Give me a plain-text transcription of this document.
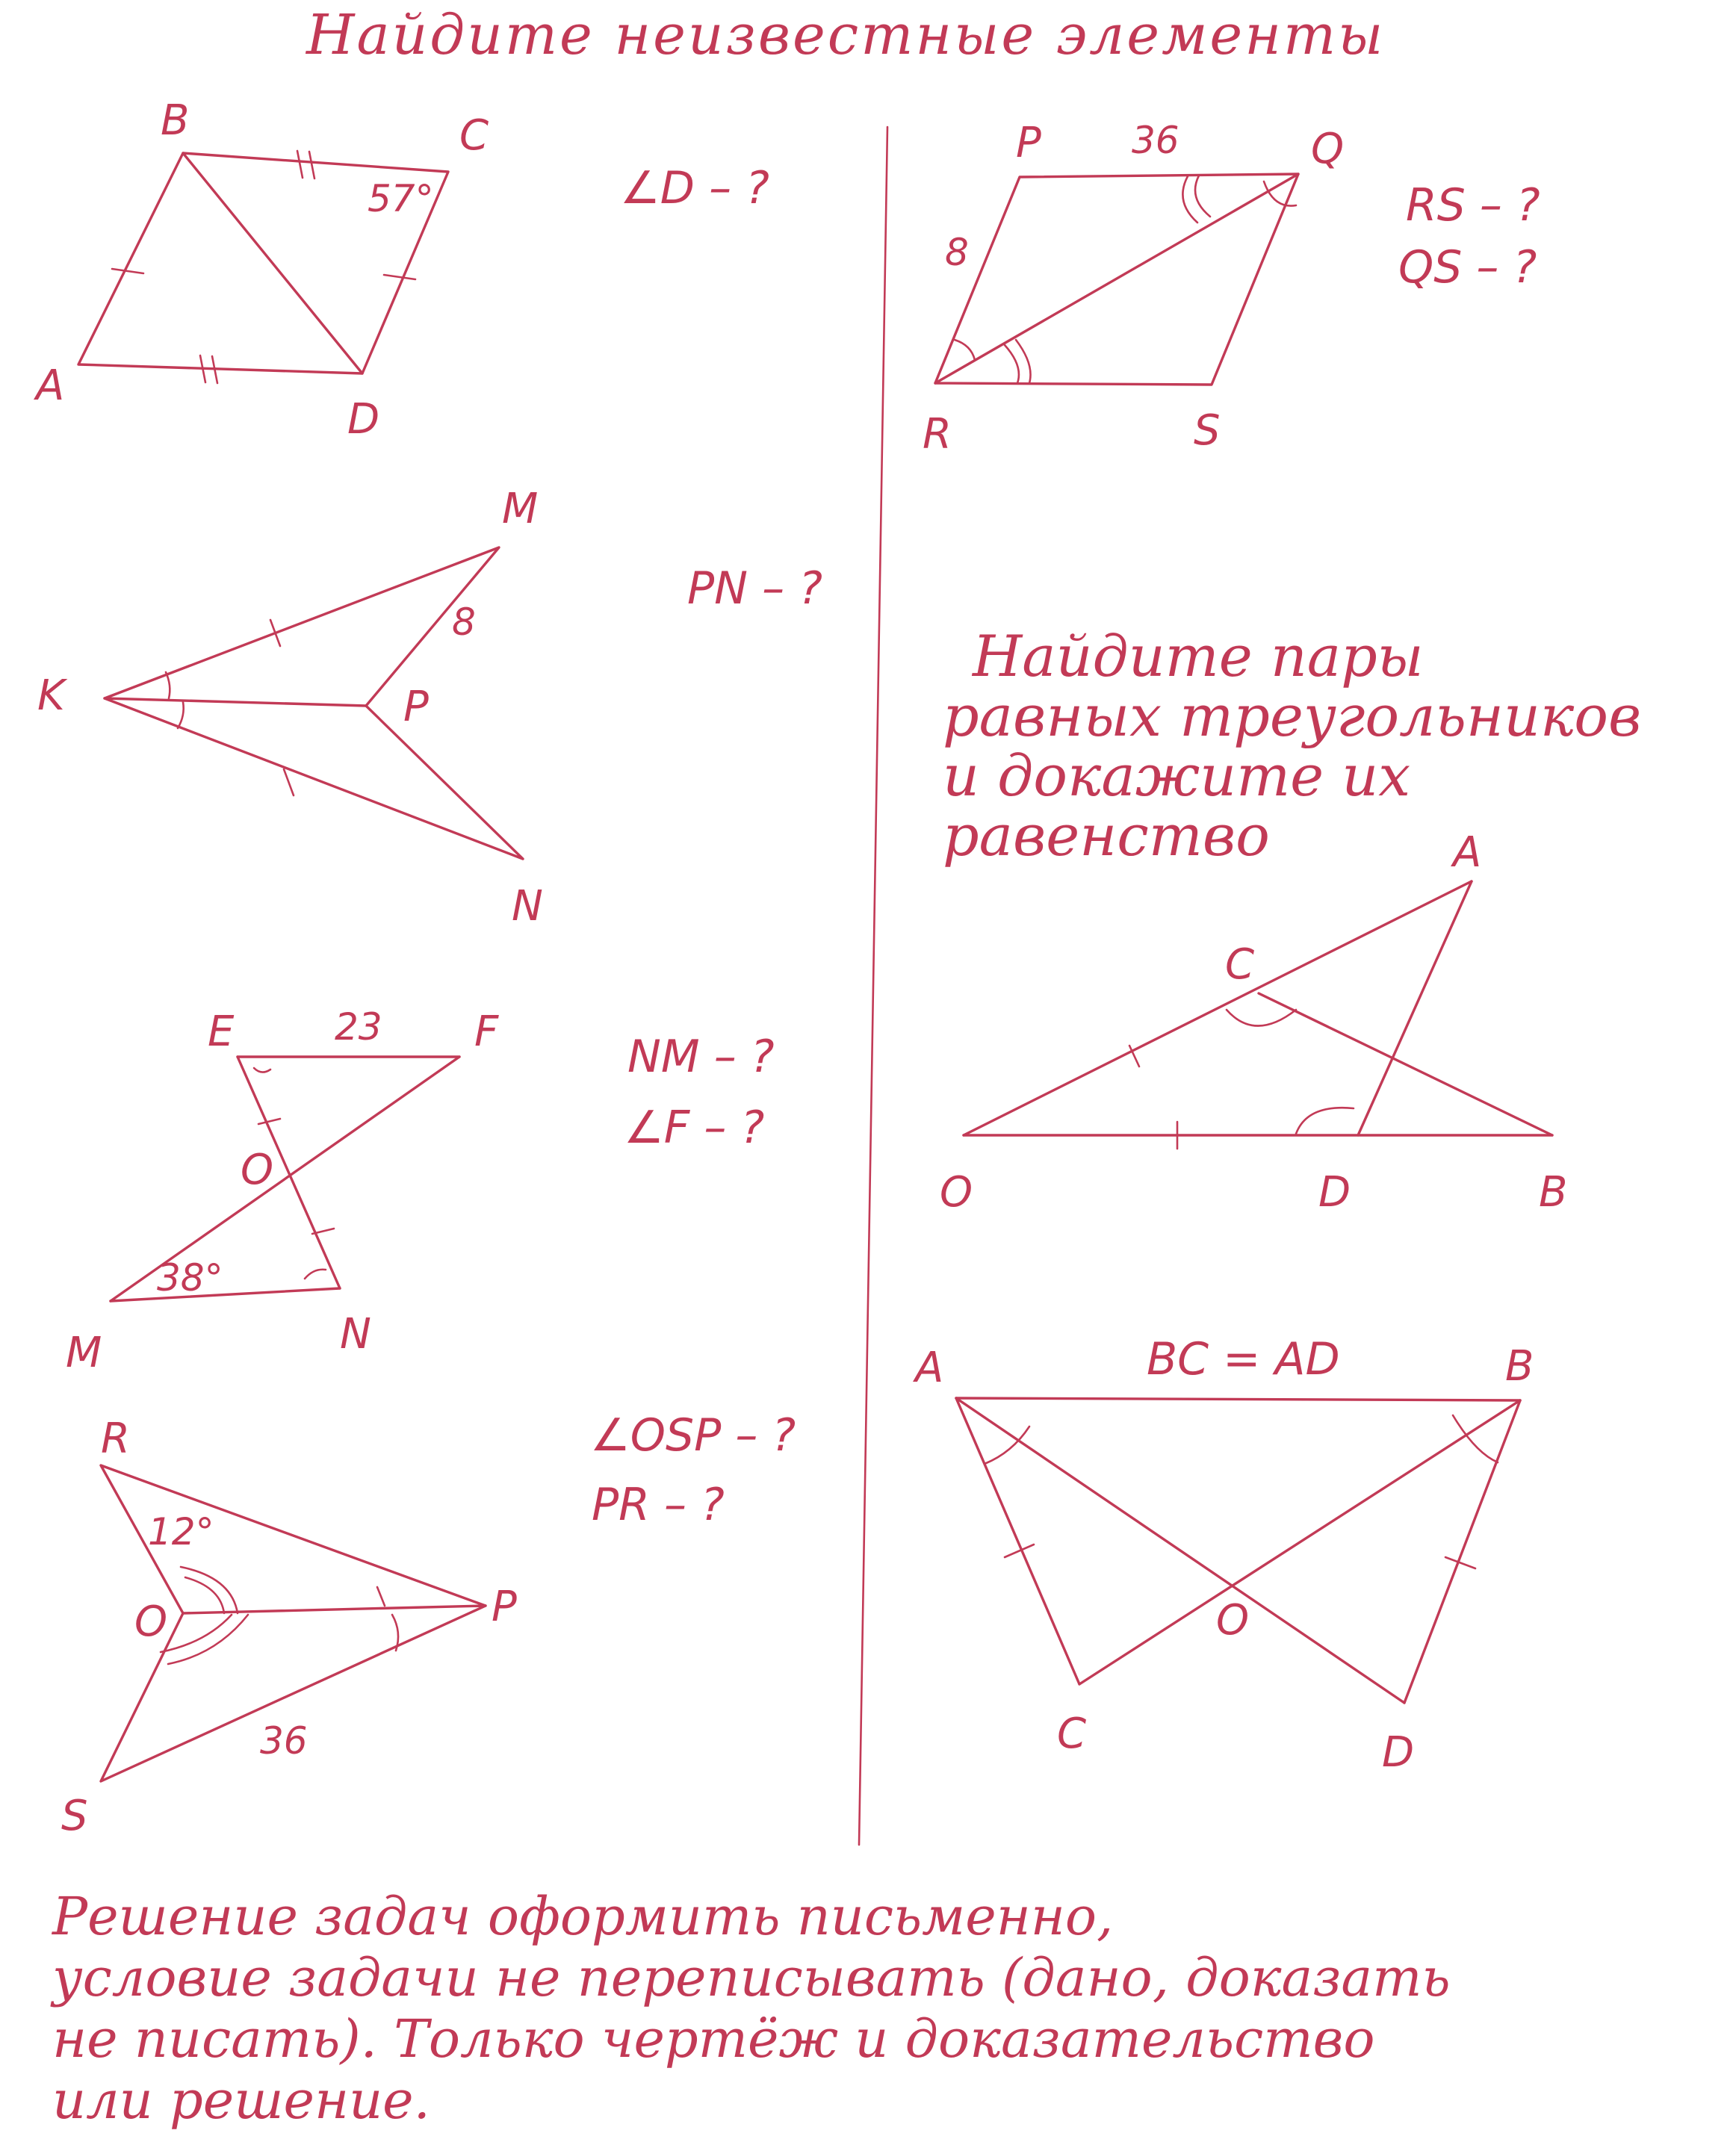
Найдите неизвестные элементы
B	C
A
D
57°	∠D – ?
P	Q
R	S
36
8
RS – ?
QS – ?
M
K	P
N
8
PN – ?
E	F
O
M	N
23
38°
NM – ?
∠F – ?
R
O	P
S
12°
36
∠OSP – ?
PR – ?
Найдите пары
равных треугольников
и докажите их
равенство	A
C
O	D	B
A	B
O
C	D
BC = AD
Решение задач оформить письменно,
условие задачи не переписывать (дано, доказать
не писать). Только чертёж и доказательство
или решение.
